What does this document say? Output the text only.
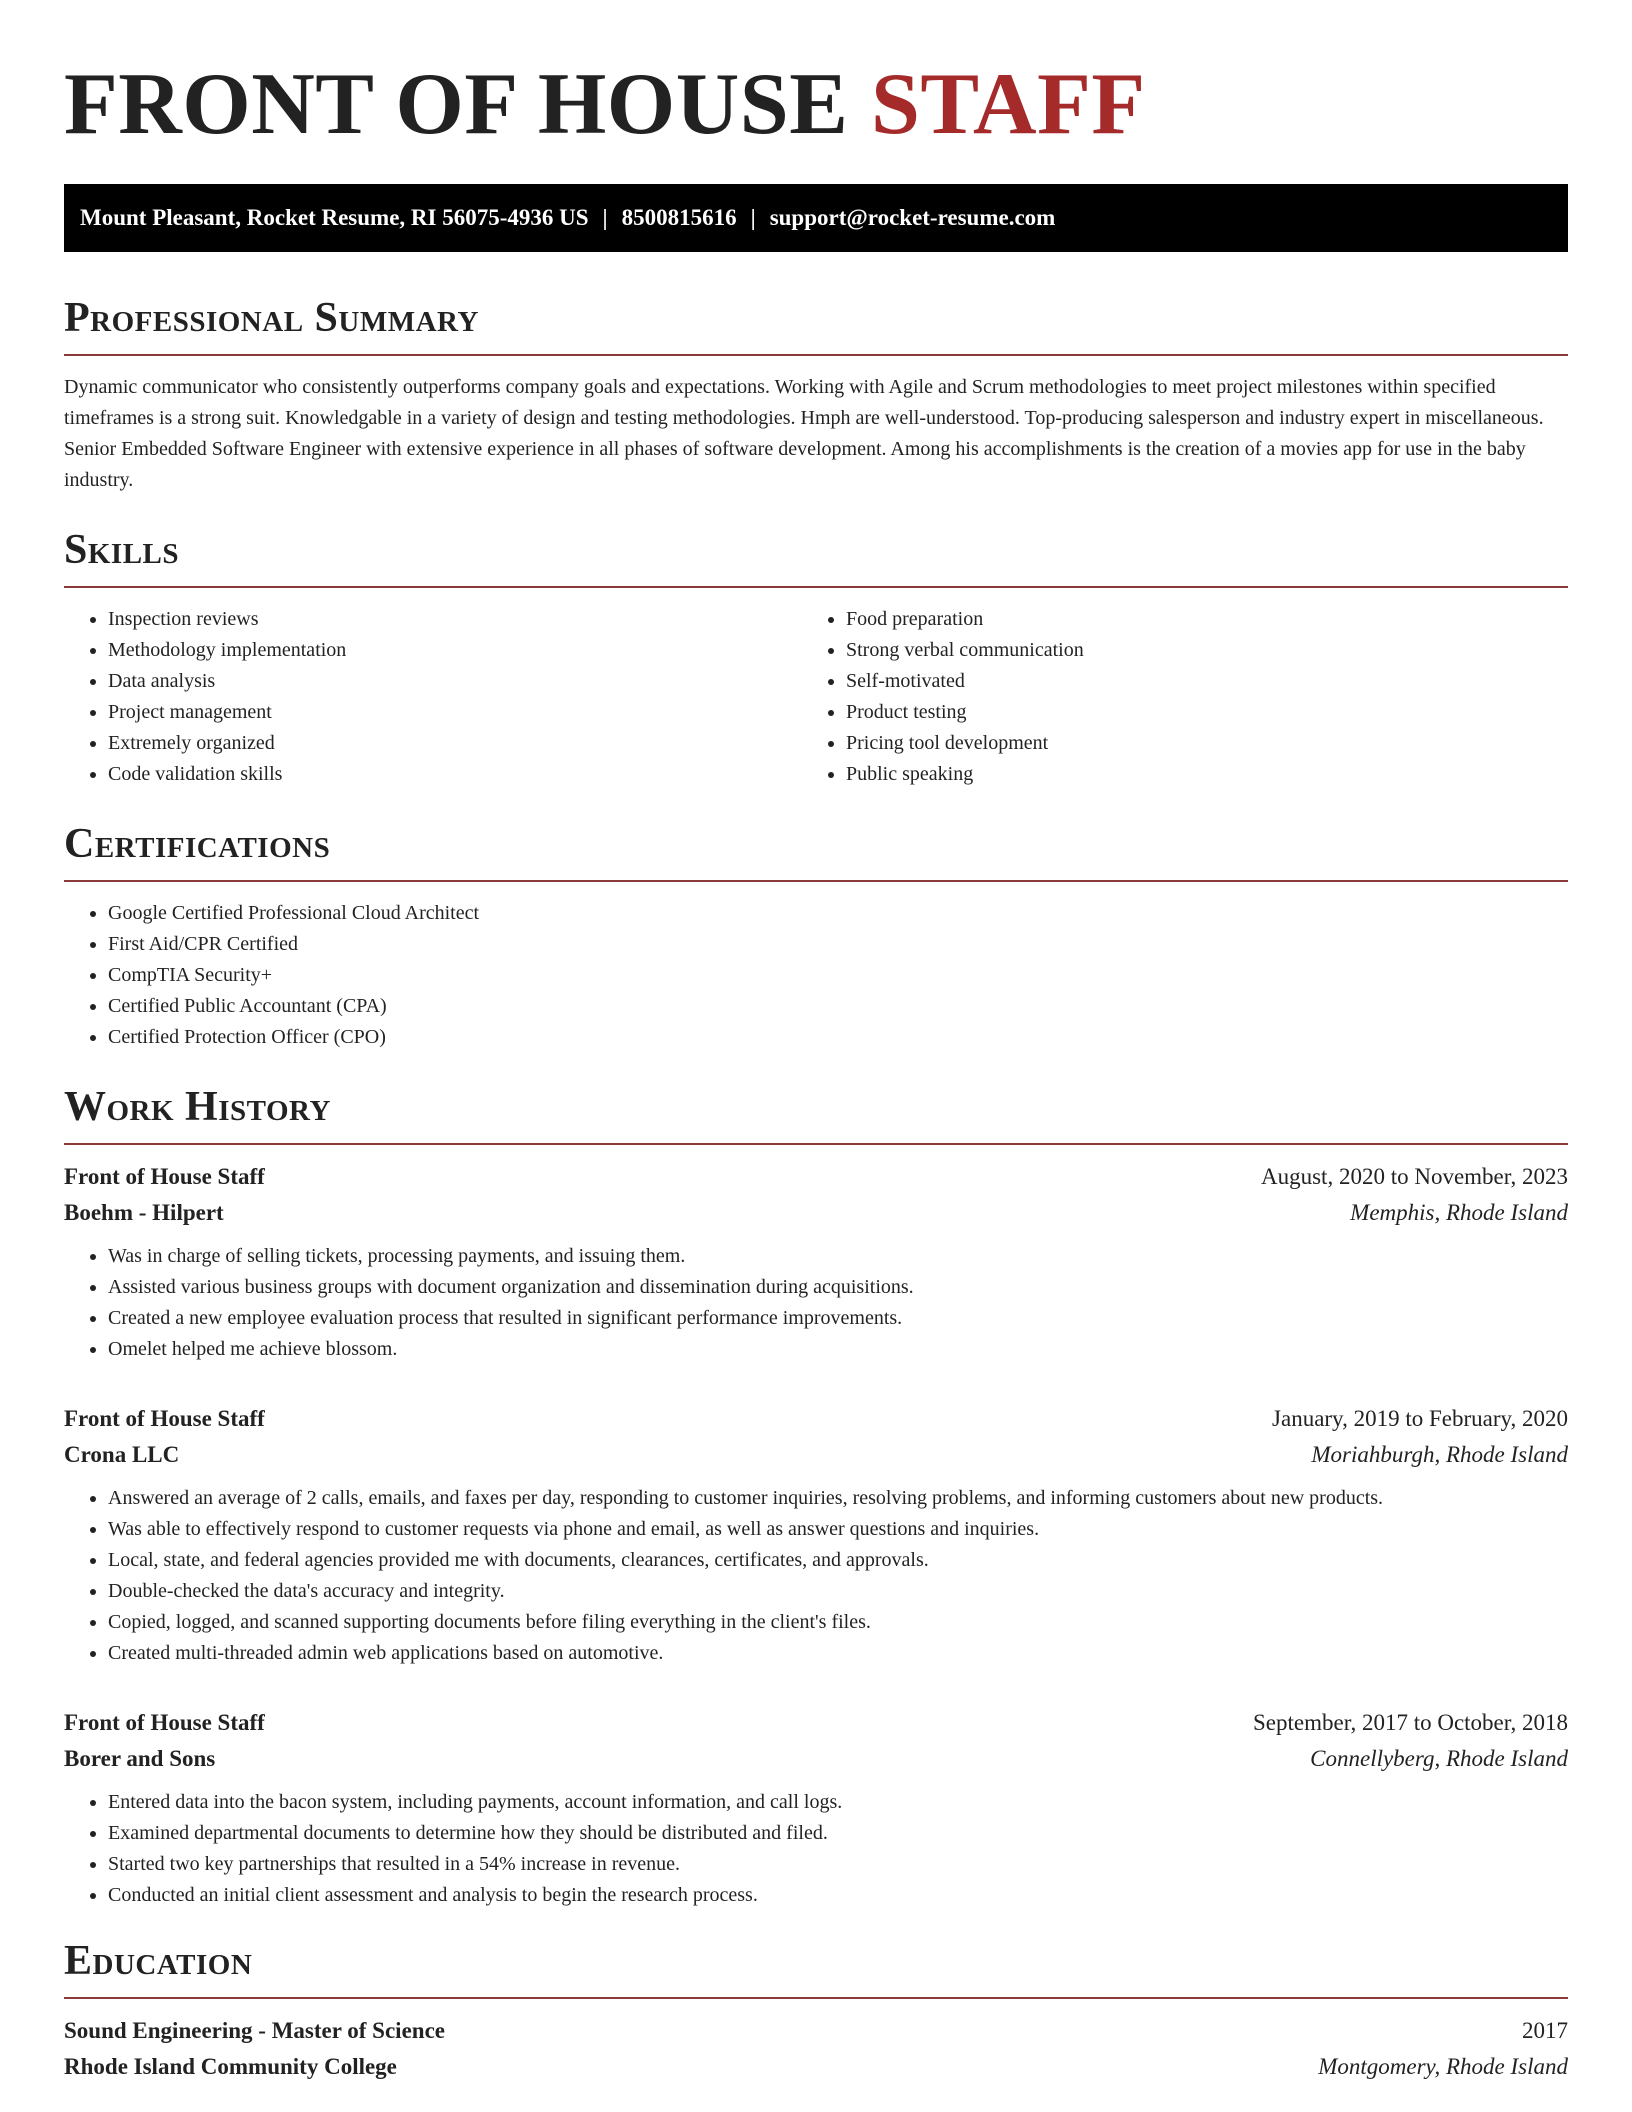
FRONT OF HOUSE STAFF
Mount Pleasant, Rocket Resume, RI 56075-4936 US | 8500815616 | support@rocket-resume.com
Professional Summary

Dynamic communicator who consistently outperforms company goals and expectations. Working with Agile and Scrum methodologies to meet project milestones within specified timeframes is a strong suit. Knowledgable in a variety of design and testing methodologies. Hmph are well-understood. Top-producing salesperson and industry expert in miscellaneous. Senior Embedded Software Engineer with extensive experience in all phases of software development. Among his accomplishments is the creation of a movies app for use in the baby industry.

Skills
• Inspection reviews
• Methodology implementation
• Data analysis
• Project management
• Extremely organized
• Code validation skills
• Food preparation
• Strong verbal communication
• Self-motivated
• Product testing
• Pricing tool development
• Public speaking
Certifications
• Google Certified Professional Cloud Architect
• First Aid/CPR Certified
• CompTIA Security+
• Certified Public Accountant (CPA)
• Certified Protection Officer (CPO)
Work History
Front of House Staff	August, 2020 to November, 2023
Boehm - Hilpert	Memphis, Rhode Island
• Was in charge of selling tickets, processing payments, and issuing them.
• Assisted various business groups with document organization and dissemination during acquisitions.
• Created a new employee evaluation process that resulted in significant performance improvements.
• Omelet helped me achieve blossom.
Front of House Staff	January, 2019 to February, 2020
Crona LLC	Moriahburgh, Rhode Island
• Answered an average of 2 calls, emails, and faxes per day, responding to customer inquiries, resolving problems, and informing customers about new products.
• Was able to effectively respond to customer requests via phone and email, as well as answer questions and inquiries.
• Local, state, and federal agencies provided me with documents, clearances, certificates, and approvals.
• Double-checked the data's accuracy and integrity.
• Copied, logged, and scanned supporting documents before filing everything in the client's files.
• Created multi-threaded admin web applications based on automotive.
Front of House Staff	September, 2017 to October, 2018
Borer and Sons	Connellyberg, Rhode Island
• Entered data into the bacon system, including payments, account information, and call logs.
• Examined departmental documents to determine how they should be distributed and filed.
• Started two key partnerships that resulted in a 54% increase in revenue.
• Conducted an initial client assessment and analysis to begin the research process.
Education
Sound Engineering - Master of Science	2017
Rhode Island Community College	Montgomery, Rhode Island
